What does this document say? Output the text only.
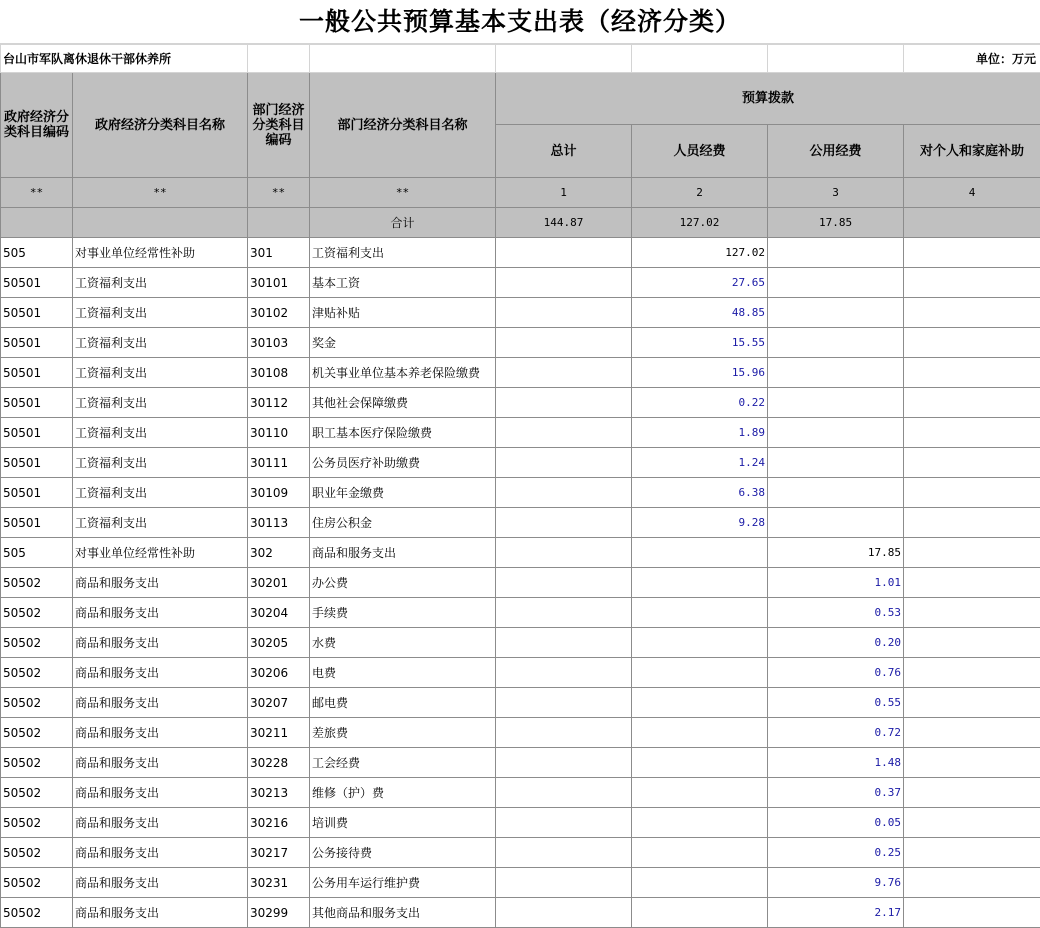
一般公共预算基本支出表（经济分类）
台山市军队离休退休干部休养所							单位：万元
政府经济分类科目编码	政府经济分类科目名称	部门经济分类科目编码	部门经济分类科目名称	预算拨款			
				总计	人员经费	公用经费	对个人和家庭补助
**	**	**	**	1	2	3	4
			合计	144.87	127.02	17.85	
505	对事业单位经常性补助	301	工资福利支出		127.02		
50501	工资福利支出	30101	基本工资		27.65		
50501	工资福利支出	30102	津贴补贴		48.85		
50501	工资福利支出	30103	奖金		15.55		
50501	工资福利支出	30108	机关事业单位基本养老保险缴费		15.96		
50501	工资福利支出	30112	其他社会保障缴费		0.22		
50501	工资福利支出	30110	职工基本医疗保险缴费		1.89		
50501	工资福利支出	30111	公务员医疗补助缴费		1.24		
50501	工资福利支出	30109	职业年金缴费		6.38		
50501	工资福利支出	30113	住房公积金		9.28		
505	对事业单位经常性补助	302	商品和服务支出			17.85	
50502	商品和服务支出	30201	办公费			1.01	
50502	商品和服务支出	30204	手续费			0.53	
50502	商品和服务支出	30205	水费			0.20	
50502	商品和服务支出	30206	电费			0.76	
50502	商品和服务支出	30207	邮电费			0.55	
50502	商品和服务支出	30211	差旅费			0.72	
50502	商品和服务支出	30228	工会经费			1.48	
50502	商品和服务支出	30213	维修（护）费			0.37	
50502	商品和服务支出	30216	培训费			0.05	
50502	商品和服务支出	30217	公务接待费			0.25	
50502	商品和服务支出	30231	公务用车运行维护费			9.76	
50502	商品和服务支出	30299	其他商品和服务支出			2.17	
